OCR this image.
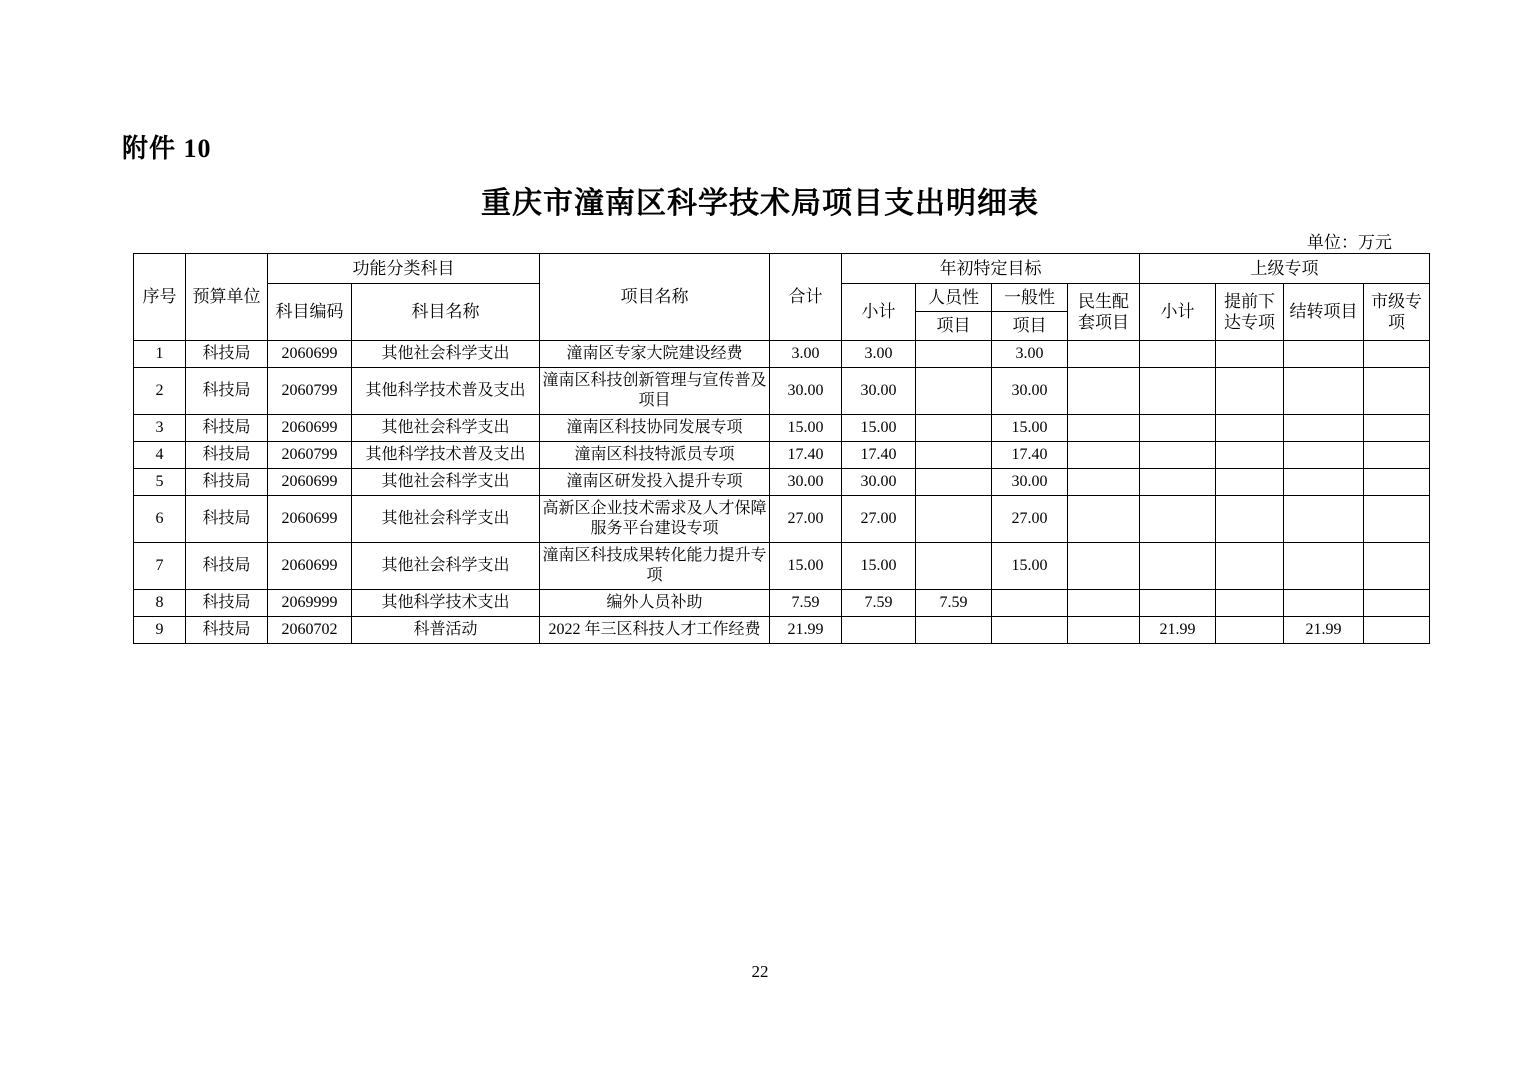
附件 10
重庆市潼南区科学技术局项目支出明细表
单位：万元
序号	预算单位	功能分类科目		项目名称	合计	年初特定目标				上级专项			
		科目编码	科目名称			小计	人员性	一般性	民生配套项目	小计	提前下达专项	结转项目	市级专项
							项目	项目					
1	科技局	2060699	其他社会科学支出	潼南区专家大院建设经费	3.00	3.00		3.00					
2	科技局	2060799	其他科学技术普及支出	潼南区科技创新管理与宣传普及项目	30.00	30.00		30.00					
3	科技局	2060699	其他社会科学支出	潼南区科技协同发展专项	15.00	15.00		15.00					
4	科技局	2060799	其他科学技术普及支出	潼南区科技特派员专项	17.40	17.40		17.40					
5	科技局	2060699	其他社会科学支出	潼南区研发投入提升专项	30.00	30.00		30.00					
6	科技局	2060699	其他社会科学支出	高新区企业技术需求及人才保障服务平台建设专项	27.00	27.00		27.00					
7	科技局	2060699	其他社会科学支出	潼南区科技成果转化能力提升专项	15.00	15.00		15.00					
8	科技局	2069999	其他科学技术支出	编外人员补助	7.59	7.59	7.59						
9	科技局	2060702	科普活动	2022 年三区科技人才工作经费	21.99					21.99		21.99	
22
